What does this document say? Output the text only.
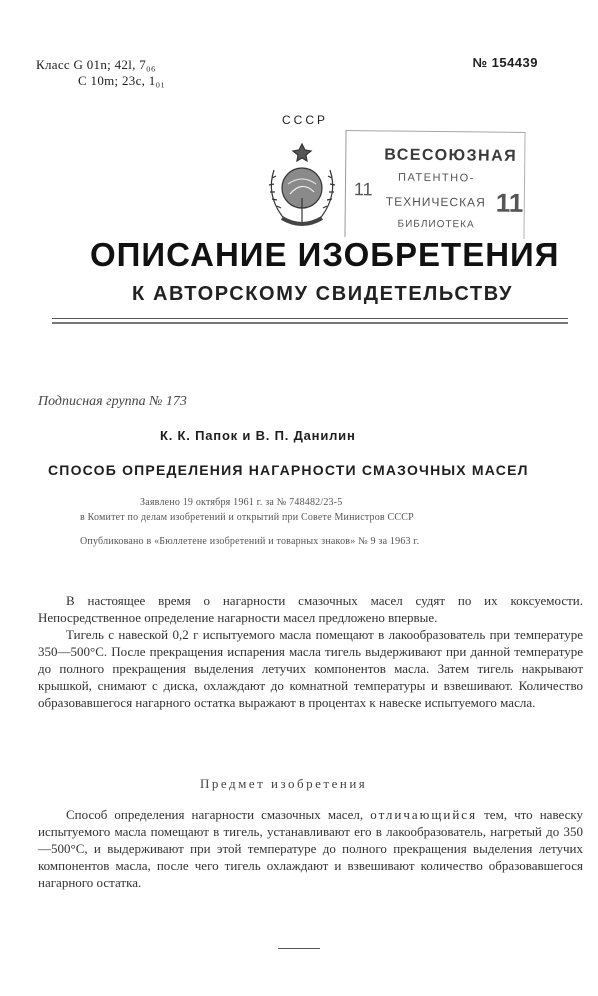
Класс G 01n; 42l, 7₀₆
C 10m; 23c, 1₀₁
№ 154439
СССР
ВСЕСОЮЗНАЯ
ПАТЕНТНО-
ТЕХНИЧЕСКАЯ
БИБЛИОТЕКА
11	11
ОПИСАНИЕ ИЗОБРЕТЕНИЯ
К АВТОРСКОМУ СВИДЕТЕЛЬСТВУ
Подписная группа № 173
К. К. Папок и В. П. Данилин
СПОСОБ ОПРЕДЕЛЕНИЯ НАГАРНОСТИ СМАЗОЧНЫХ МАСЕЛ
Заявлено 19 октября 1961 г. за № 748482/23-5
в Комитет по делам изобретений и открытий при Совете Министров СССР
Опубликовано в «Бюллетене изобретений и товарных знаков» № 9 за 1963 г.

В настоящее время о нагарности смазочных масел судят по их коксуемости. Непосредственное определение нагарности масел предложено впервые.

Тигель с навеской 0,2 г испытуемого масла помещают в лакообразователь при температуре 350—500°С. После прекращения испарения масла тигель выдерживают при данной температуре до полного прекращения выделения летучих компонентов масла. Затем тигель накрывают крышкой, снимают с диска, охлаждают до комнатной температуры и взвешивают. Количество образовавшегося нагарного остатка выражают в процентах к навеске испытуемого масла.

Предмет изобретения

Способ определения нагарности смазочных масел, отличающийся тем, что навеску испытуемого масла помещают в тигель, устанавливают его в лакообразователь, нагретый до 350—500°С, и выдерживают при этой температуре до полного прекращения выделения летучих компонентов масла, после чего тигель охлаждают и взвешивают количество образовавшегося нагарного остатка.
